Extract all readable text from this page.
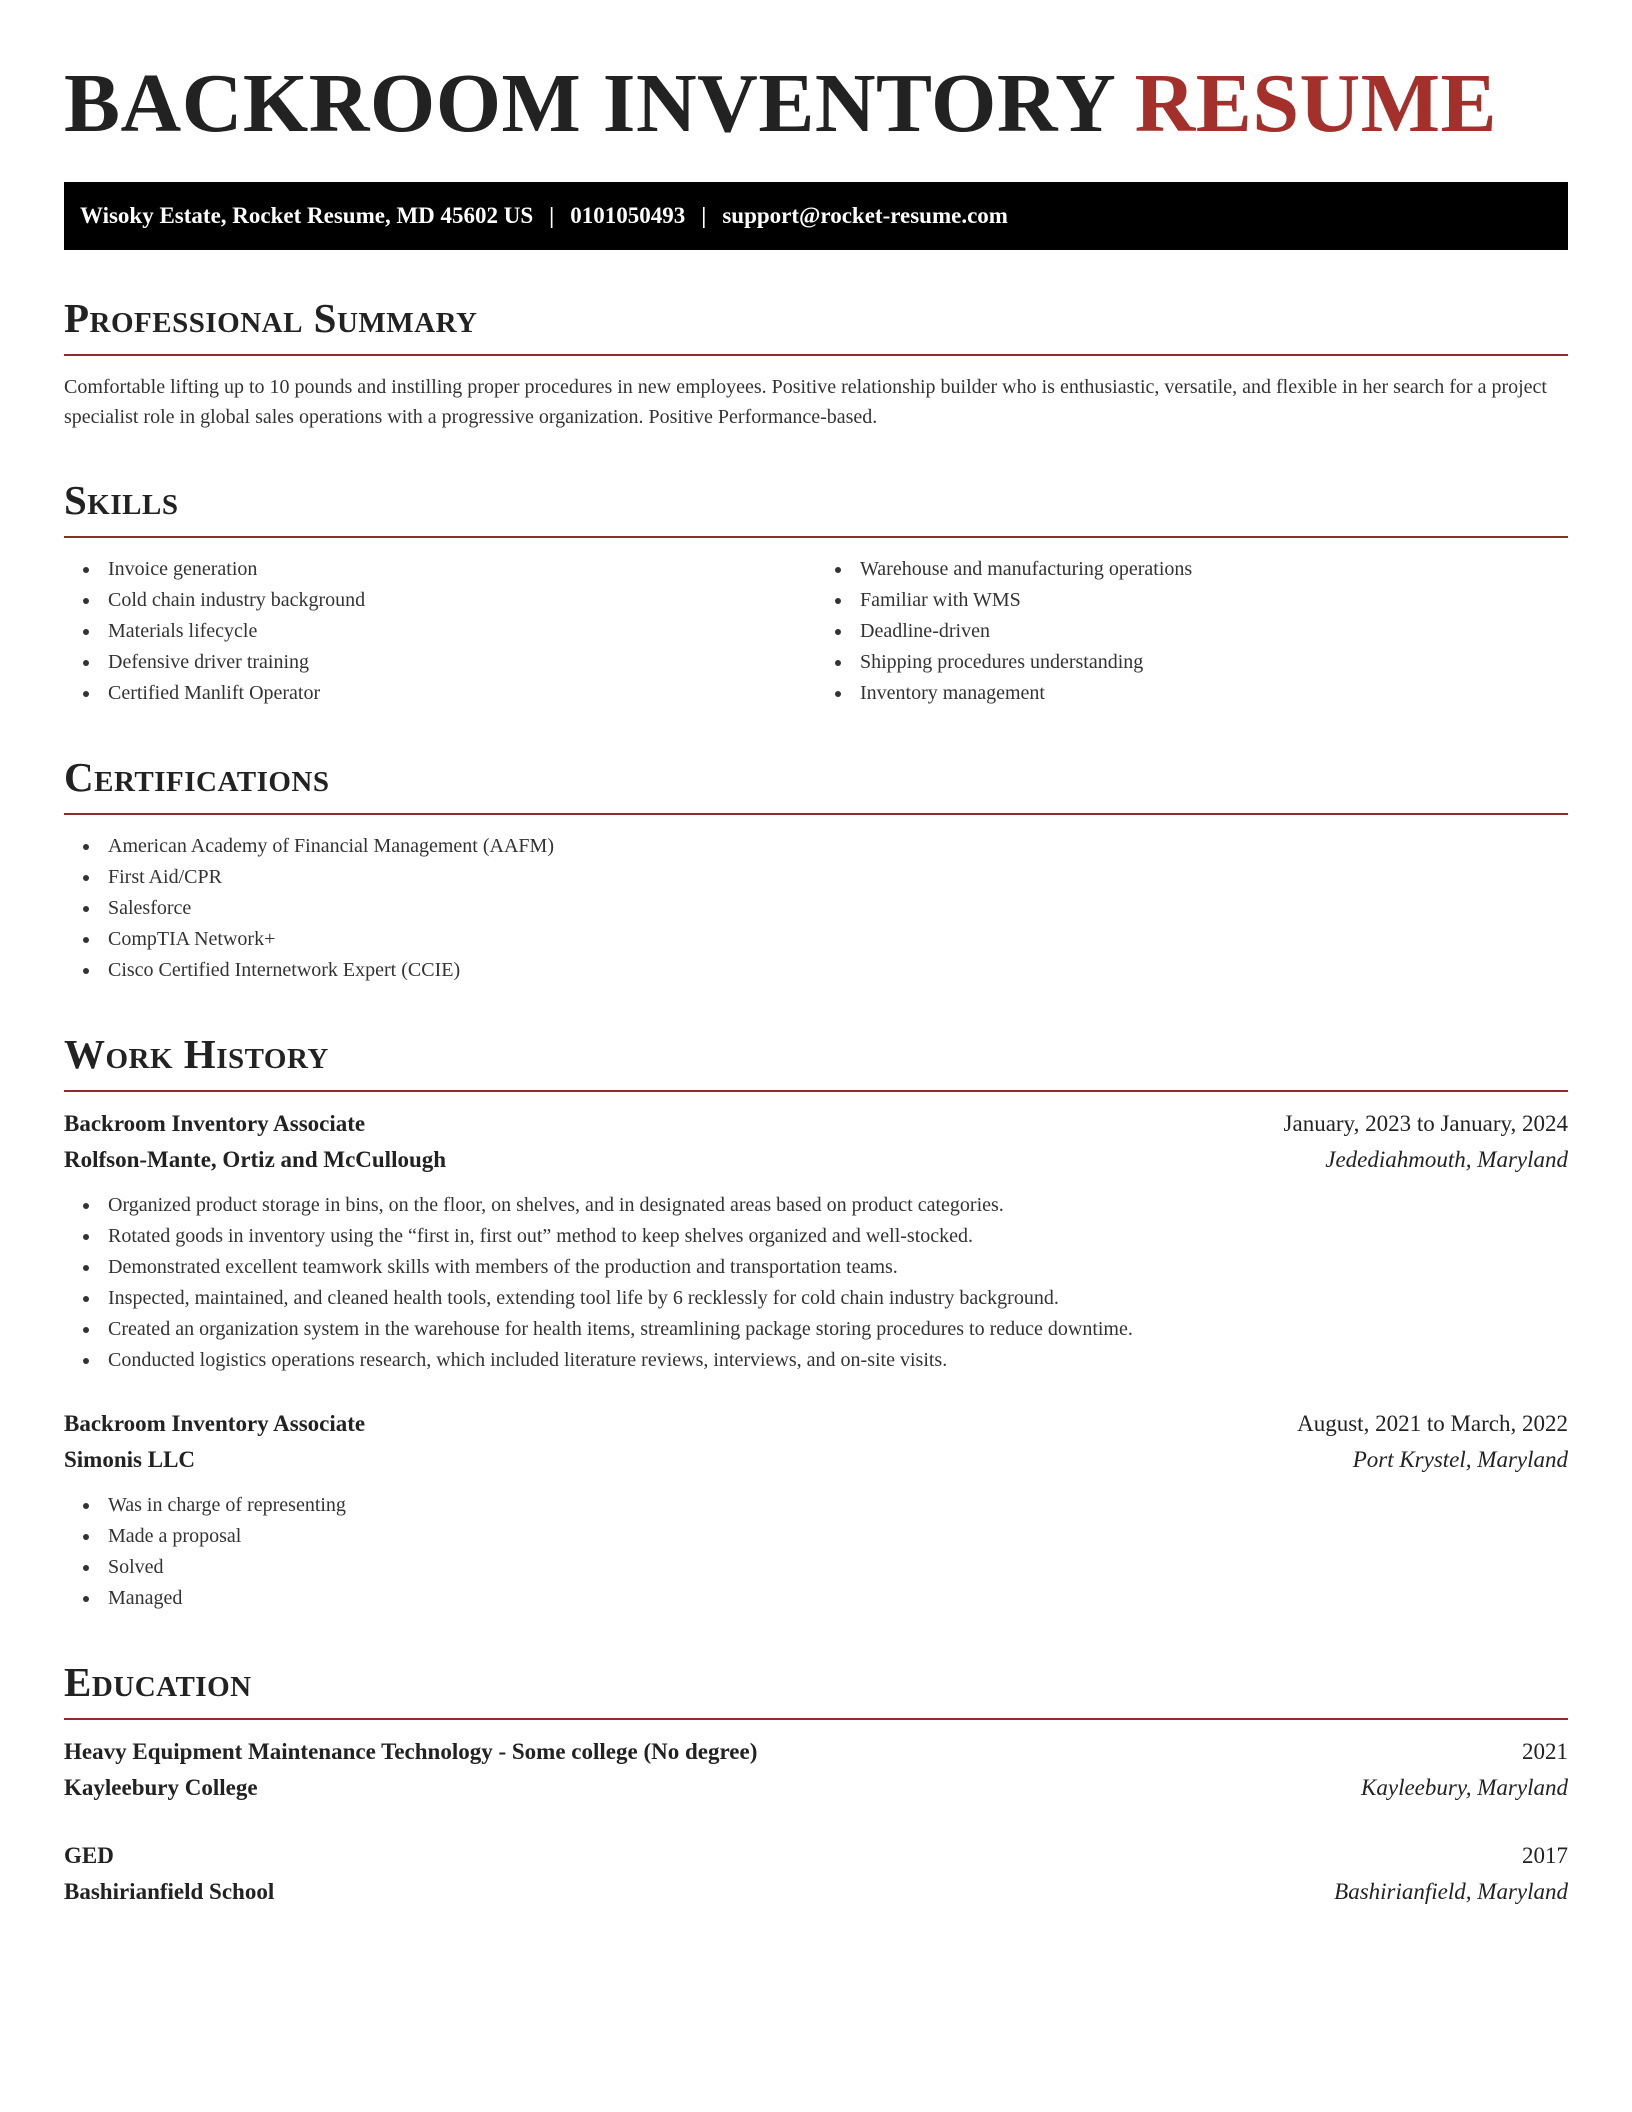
BACKROOM INVENTORY RESUME
Wisoky Estate, Rocket Resume, MD 45602 US | 0101050493 | support@rocket-resume.com
Professional Summary

Comfortable lifting up to 10 pounds and instilling proper procedures in new employees. Positive relationship builder who is enthusiastic, versatile, and flexible in her search for a project specialist role in global sales operations with a progressive organization. Positive Performance-based.

Skills
Invoice generation
Cold chain industry background
Materials lifecycle
Defensive driver training
Certified Manlift Operator
Warehouse and manufacturing operations
Familiar with WMS
Deadline-driven
Shipping procedures understanding
Inventory management
Certifications
American Academy of Financial Management (AAFM)
First Aid/CPR
Salesforce
CompTIA Network+
Cisco Certified Internetwork Expert (CCIE)
Work History
Backroom Inventory Associate	January, 2023 to January, 2024
Rolfson-Mante, Ortiz and McCullough	Jedediahmouth, Maryland
Organized product storage in bins, on the floor, on shelves, and in designated areas based on product categories.
Rotated goods in inventory using the “first in, first out” method to keep shelves organized and well-stocked.
Demonstrated excellent teamwork skills with members of the production and transportation teams.
Inspected, maintained, and cleaned health tools, extending tool life by 6 recklessly for cold chain industry background.
Created an organization system in the warehouse for health items, streamlining package storing procedures to reduce downtime.
Conducted logistics operations research, which included literature reviews, interviews, and on-site visits.
Backroom Inventory Associate	August, 2021 to March, 2022
Simonis LLC	Port Krystel, Maryland
Was in charge of representing
Made a proposal
Solved
Managed
Education
Heavy Equipment Maintenance Technology - Some college (No degree)	2021
Kayleebury College	Kayleebury, Maryland
GED	2017
Bashirianfield School	Bashirianfield, Maryland
